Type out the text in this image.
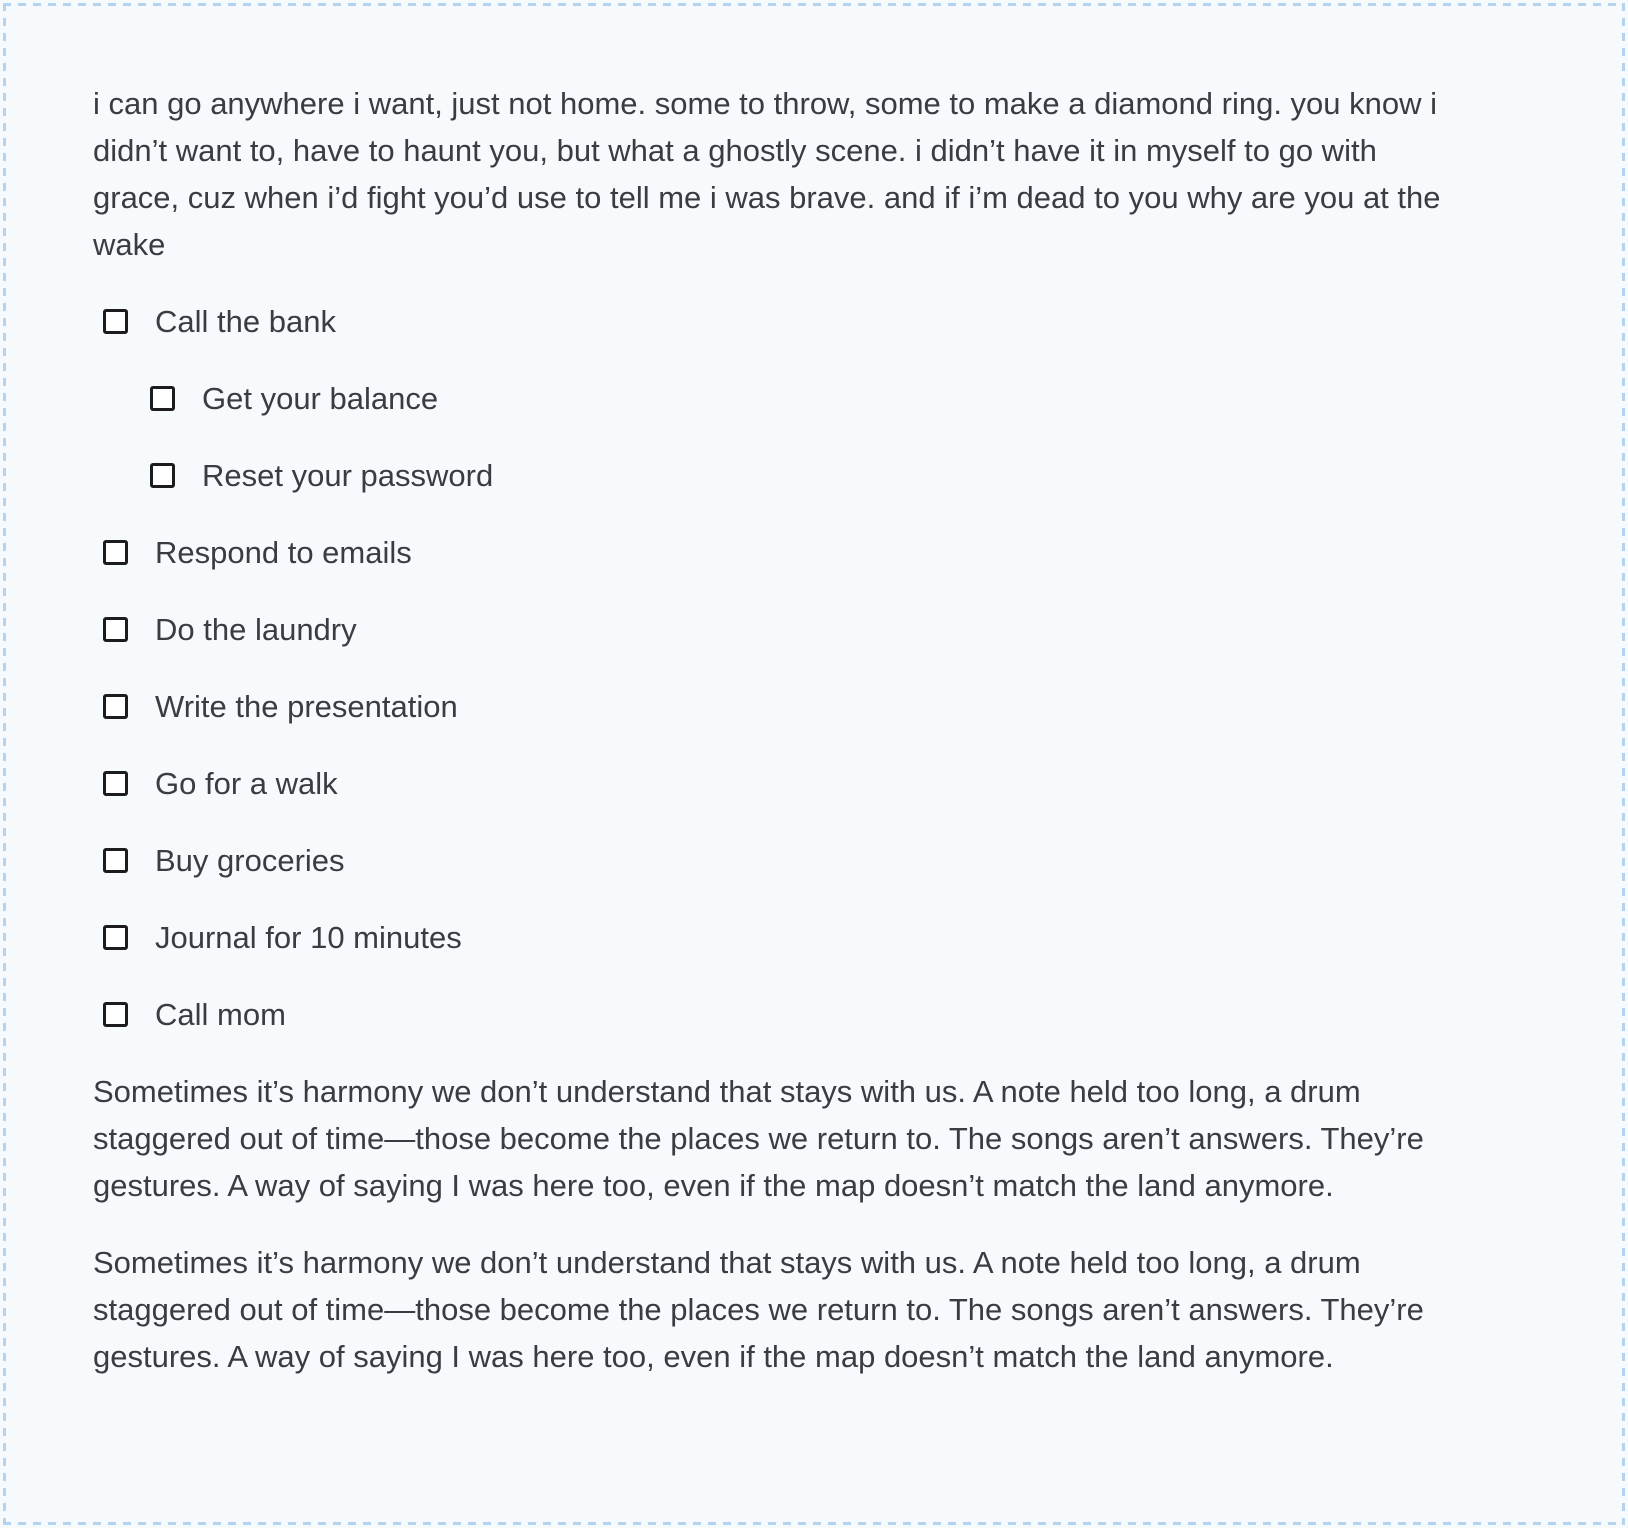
i can go anywhere i want, just not home. some to throw, some to make a diamond ring. you know i didn’t want to, have to haunt you, but what a ghostly scene. i didn’t have it in myself to go with grace, cuz when i’d fight you’d use to tell me i was brave. and if i’m dead to you why are you at the wake

Call the bank
Get your balance
Reset your password
Respond to emails
Do the laundry
Write the presentation
Go for a walk
Buy groceries
Journal for 10 minutes
Call mom

Sometimes it’s harmony we don’t understand that stays with us. A note held too long, a drum staggered out of time—those become the places we return to. The songs aren’t answers. They’re gestures. A way of saying I was here too, even if the map doesn’t match the land anymore.

Sometimes it’s harmony we don’t understand that stays with us. A note held too long, a drum staggered out of time—those become the places we return to. The songs aren’t answers. They’re gestures. A way of saying I was here too, even if the map doesn’t match the land anymore.
